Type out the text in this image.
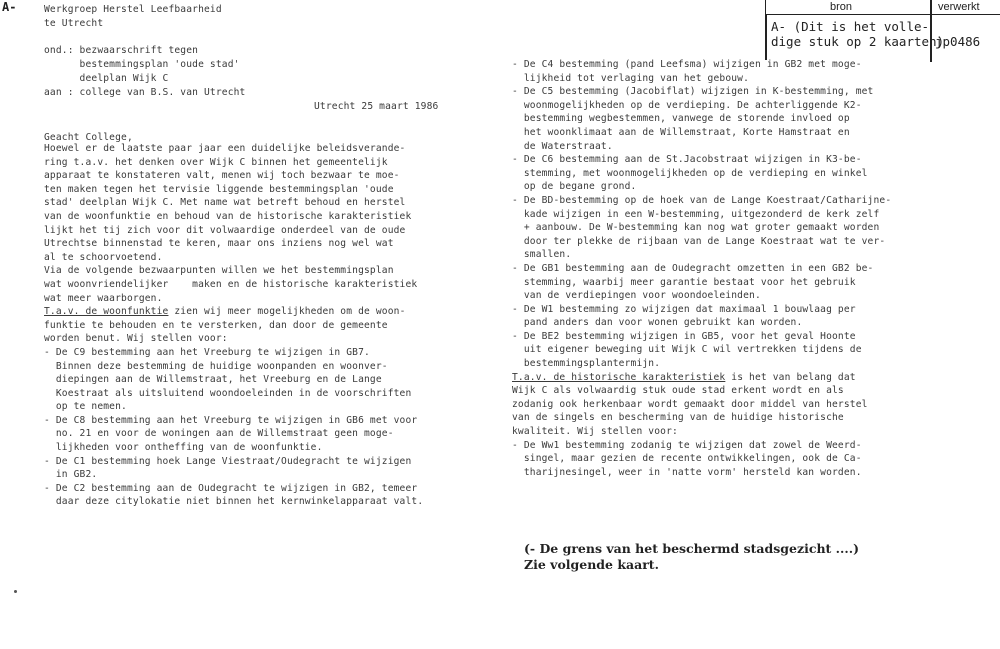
A-	bron	verwerkt
A- (Dit is het volle-
dige stuk op 2 kaarten)
jp0486
Werkgroep Herstel Leefbaarheid
te Utrecht
ond.: bezwaarschrift tegen
bestemmingsplan 'oude stad'
deelplan Wijk C
aan : college van B.S. van Utrecht
Utrecht 25 maart 1986
Geacht College,

Hoewel er de laatste paar jaar een duidelijke beleidsverande-

ring t.a.v. het denken over Wijk C binnen het gemeentelijk

apparaat te konstateren valt, menen wij toch bezwaar te moe-

ten maken tegen het tervisie liggende bestemmingsplan 'oude

stad' deelplan Wijk C. Met name wat betreft behoud en herstel

van de woonfunktie en behoud van de historische karakteristiek

lijkt het tij zich voor dit volwaardige onderdeel van de oude

Utrechtse binnenstad te keren, maar ons inziens nog wel wat

al te schoorvoetend.

Via de volgende bezwaarpunten willen we het bestemmingsplan

wat woonvriendelijker    maken en de historische karakteristiek

wat meer waarborgen.

T.a.v. de woonfunktie zien wij meer mogelijkheden om de woon-

funktie te behouden en te versterken, dan door de gemeente

worden benut. Wij stellen voor:

- De C9 bestemming aan het Vreeburg te wijzigen in GB7.

Binnen deze bestemming de huidige woonpanden en woonver-

diepingen aan de Willemstraat, het Vreeburg en de Lange

Koestraat als uitsluitend woondoeleinden in de voorschriften

op te nemen.

- De C8 bestemming aan het Vreeburg te wijzigen in GB6 met voor

no. 21 en voor de woningen aan de Willemstraat geen moge-

lijkheden voor ontheffing van de woonfunktie.

- De C1 bestemming hoek Lange Viestraat/Oudegracht te wijzigen

in GB2.

- De C2 bestemming aan de Oudegracht te wijzigen in GB2, temeer

daar deze citylokatie niet binnen het kernwinkelapparaat valt.

- De C4 bestemming (pand Leefsma) wijzigen in GB2 met moge-

lijkheid tot verlaging van het gebouw.

- De C5 bestemming (Jacobiflat) wijzigen in K-bestemming, met

woonmogelijkheden op de verdieping. De achterliggende K2-

bestemming wegbestemmen, vanwege de storende invloed op

het woonklimaat aan de Willemstraat, Korte Hamstraat en

de Waterstraat.

- De C6 bestemming aan de St.Jacobstraat wijzigen in K3-be-

stemming, met woonmogelijkheden op de verdieping en winkel

op de begane grond.

- De BD-bestemming op de hoek van de Lange Koestraat/Catharijne-

kade wijzigen in een W-bestemming, uitgezonderd de kerk zelf

+ aanbouw. De W-bestemming kan nog wat groter gemaakt worden

door ter plekke de rijbaan van de Lange Koestraat wat te ver-

smallen.

- De GB1 bestemming aan de Oudegracht omzetten in een GB2 be-

stemming, waarbij meer garantie bestaat voor het gebruik

van de verdiepingen voor woondoeleinden.

- De W1 bestemming zo wijzigen dat maximaal 1 bouwlaag per

pand anders dan voor wonen gebruikt kan worden.

- De BE2 bestemming wijzigen in GB5, voor het geval Hoonte

uit eigener beweging uit Wijk C wil vertrekken tijdens de

bestemmingsplantermijn.

T.a.v. de historische karakteristiek is het van belang dat

Wijk C als volwaardig stuk oude stad erkent wordt en als

zodanig ook herkenbaar wordt gemaakt door middel van herstel

van de singels en bescherming van de huidige historische

kwaliteit. Wij stellen voor:

- De Ww1 bestemming zodanig te wijzigen dat zowel de Weerd-

singel, maar gezien de recente ontwikkelingen, ook de Ca-

tharijnesingel, weer in 'natte vorm' hersteld kan worden.

(- De grens van het beschermd stadsgezicht ....)
Zie volgende kaart.
